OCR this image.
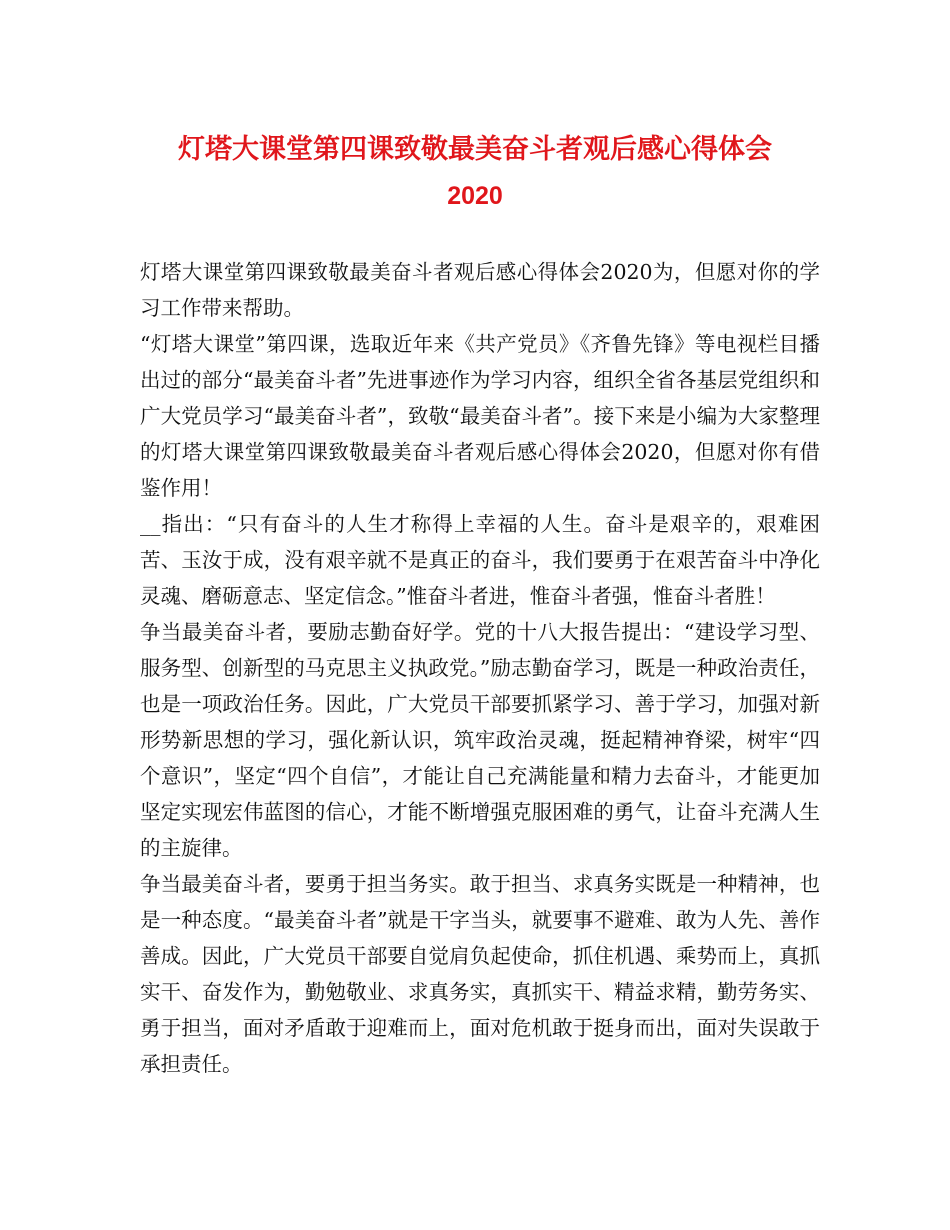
灯塔大课堂第四课致敬最美奋斗者观后感心得体会
2020

灯塔大课堂第四课致敬最美奋斗者观后感心得体会2020为，但愿对你的学习工作带来帮助。

“灯塔大课堂”第四课，选取近年来《共产党员》《齐鲁先锋》等电视栏目播出过的部分“最美奋斗者”先进事迹作为学习内容，组织全省各基层党组织和广大党员学习“最美奋斗者”，致敬“最美奋斗者”。接下来是小编为大家整理的灯塔大课堂第四课致敬最美奋斗者观后感心得体会2020，但愿对你有借鉴作用！

__指出：“只有奋斗的人生才称得上幸福的人生。奋斗是艰辛的，艰难困苦、玉汝于成，没有艰辛就不是真正的奋斗，我们要勇于在艰苦奋斗中净化灵魂、磨砺意志、坚定信念。”惟奋斗者进，惟奋斗者强，惟奋斗者胜！

争当最美奋斗者，要励志勤奋好学。党的十八大报告提出：“建设学习型、服务型、创新型的马克思主义执政党。”励志勤奋学习，既是一种政治责任，也是一项政治任务。因此，广大党员干部要抓紧学习、善于学习，加强对新形势新思想的学习，强化新认识，筑牢政治灵魂，挺起精神脊梁，树牢“四个意识”，坚定“四个自信”，才能让自己充满能量和精力去奋斗，才能更加坚定实现宏伟蓝图的信心，才能不断增强克服困难的勇气，让奋斗充满人生的主旋律。

争当最美奋斗者，要勇于担当务实。敢于担当、求真务实既是一种精神，也是一种态度。“最美奋斗者”就是干字当头，就要事不避难、敢为人先、善作善成。因此，广大党员干部要自觉肩负起使命，抓住机遇、乘势而上，真抓实干、奋发作为，勤勉敬业、求真务实，真抓实干、精益求精，勤劳务实、勇于担当，面对矛盾敢于迎难而上，面对危机敢于挺身而出，面对失误敢于承担责任。
